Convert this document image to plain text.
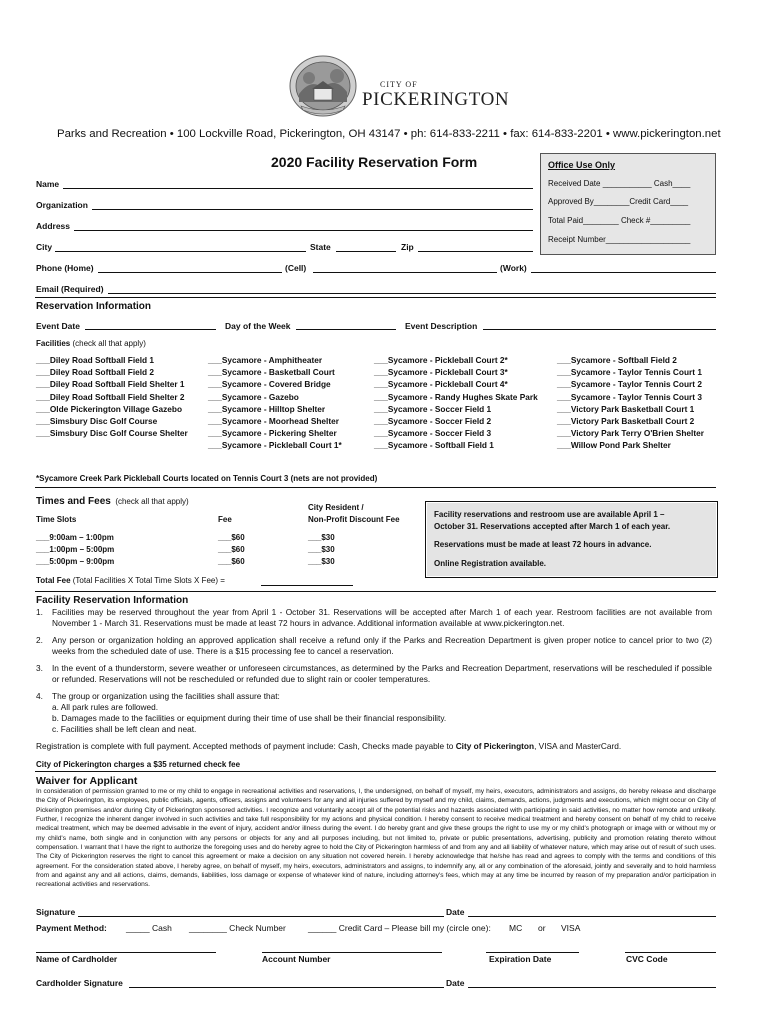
CITY OF
PICKERINGTON
Parks and Recreation • 100 Lockville Road, Pickerington, OH 43147 • ph: 614-833-2211 • fax: 614-833-2201 • www.pickerington.net
2020 Facility Reservation Form	Office Use Only
Received Date ___________ Cash____
Approved By________Credit Card____
Total Paid________ Check #_________
Receipt Number___________________
Name
Organization
Address
City	State	Zip
Phone (Home)	(Cell)	(Work)
Email (Required)
Reservation Information
Event Date	Day of the Week	Event Description
Facilities (check all that apply)
___Diley Road Softball Field 1
___Diley Road Softball Field 2
___Diley Road Softball Field Shelter 1
___Diley Road Softball Field Shelter 2
___Olde Pickerington Village Gazebo
___Simsbury Disc Golf Course
___Simsbury Disc Golf Course Shelter
___Sycamore - Amphitheater
___Sycamore - Basketball Court
___Sycamore - Covered Bridge
___Sycamore - Gazebo
___Sycamore - Hilltop Shelter
___Sycamore - Moorhead Shelter
___Sycamore - Pickering Shelter
___Sycamore - Pickleball Court 1*
___Sycamore - Pickleball Court 2*
___Sycamore - Pickleball Court 3*
___Sycamore - Pickleball Court 4*
___Sycamore - Randy Hughes Skate Park
___Sycamore - Soccer Field 1
___Sycamore - Soccer Field 2
___Sycamore - Soccer Field 3
___Sycamore - Softball Field 1
___Sycamore - Softball Field 2
___Sycamore - Taylor Tennis Court 1
___Sycamore - Taylor Tennis Court 2
___Sycamore - Taylor Tennis Court 3
___Victory Park Basketball Court 1
___Victory Park Basketball Court 2
___Victory Park Terry O'Brien Shelter
___Willow Pond Park Shelter
*Sycamore Creek Park Pickleball Courts located on Tennis Court 3 (nets are not provided)
Times and Fees (check all that apply)
Time Slots	Fee
City Resident /
Non-Profit Discount Fee
___9:00am – 1:00pm	___$60	___$30
___1:00pm – 5:00pm	___$60	___$30
___5:00pm – 9:00pm	___$60	___$30
Total Fee (Total Facilities X Total Time Slots X Fee) =
Facility reservations and restroom use are available April 1 –
October 31. Reservations accepted after March 1 of each year.
Reservations must be made at least 72 hours in advance.
Online Registration available.
Facility Reservation Information
1. Facilities may be reserved throughout the year from April 1 - October 31. Reservations will be accepted after March 1 of each year. Restroom facilities are not available from November 1 - March 31. Reservations must be made at least 72 hours in advance. Additional information available at www.pickerington.net.
2. Any person or organization holding an approved application shall receive a refund only if the Parks and Recreation Department is given proper notice to cancel prior to two (2) weeks from the scheduled date of use. There is a $15 processing fee to cancel a reservation.
3. In the event of a thunderstorm, severe weather or unforeseen circumstances, as determined by the Parks and Recreation Department, reservations will be rescheduled if possible or refunded. Reservations will not be rescheduled or refunded due to slight rain or cooler temperatures.
4. The group or organization using the facilities shall assure that:
a. All park rules are followed.
b. Damages made to the facilities or equipment during their time of use shall be their financial responsibility.
c. Facilities shall be left clean and neat.
Registration is complete with full payment. Accepted methods of payment include: Cash, Checks made payable to City of Pickerington, VISA and MasterCard.
City of Pickerington charges a $35 returned check fee
Waiver for Applicant
In consideration of permission granted to me or my child to engage in recreational activities and reservations, I, the undersigned, on behalf of myself, my heirs, executors, administrators and assigns, do hereby release and discharge the City of Pickerington, its employees, public officials, agents, officers, assigns and volunteers for any and all injuries suffered by myself and my child, claims, demands, actions, judgments and executions, which might occur on City of Pickerington premises and/or during City of Pickerington sponsored activities. I recognize and voluntarily accept all of the potential risks and hazards associated with participating in said activities, no matter how remote and unlikely. Further, I recognize the inherent danger involved in such activities and take full responsibility for my actions and physical condition. I hereby consent to receive medical treatment and hereby consent on behalf of my child to receive medical treatment, which may be deemed advisable in the event of injury, accident and/or illness during the event. I do hereby grant and give these groups the right to use my or my child's photograph or image with or without my or my child's name, both single and in conjunction with any persons or objects for any and all purposes including, but not limited to, private or public presentations, advertising, publicity and promotion relating thereto without compensation. I warrant that I have the right to authorize the foregoing uses and do hereby agree to hold the City of Pickerington harmless of and from any and all liability of whatever nature, which may arise out of result of such uses. The City of Pickerington reserves the right to cancel this agreement or make a decision on any situation not covered herein. I hereby acknowledge that he/she has read and agrees to comply with the terms and conditions of this agreement. For the consideration stated above, I hereby agree, on behalf of myself, my heirs, executors, administrators and assigns, to indemnify any, all or any combination of the aforesaid, jointly and severally and to hold harmless from and against any and all actions, claims, demands, liabilities, loss damage or expense of whatever kind of nature, including attorney's fees, which may at any time be incurred by reason of my preparation and/or participation in recreational activities and reservations.
Signature	Date
Payment Method: _____ Cash ________ Check Number	______ Credit Card – Please bill my (circle one): MC or VISA
Name of Cardholder	Account Number	Expiration Date	CVC Code
Cardholder Signature	Date
